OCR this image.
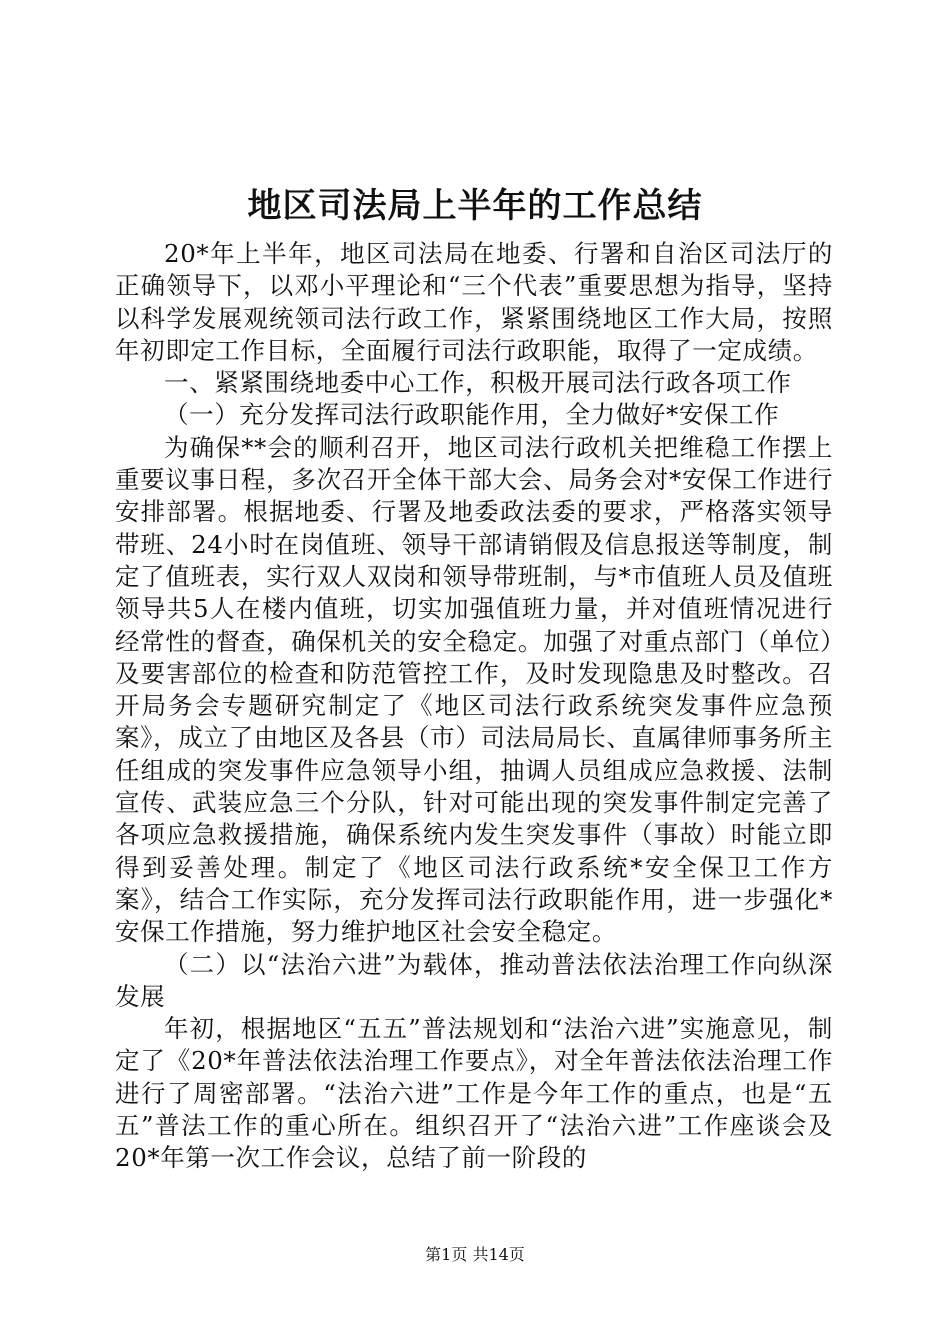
地区司法局上半年的工作总结

20*年上半年，地区司法局在地委、行署和自治区司法厅的正确领导下，以邓小平理论和“三个代表”重要思想为指导，坚持以科学发展观统领司法行政工作，紧紧围绕地区工作大局，按照年初即定工作目标，全面履行司法行政职能，取得了一定成绩。

一、紧紧围绕地委中心工作，积极开展司法行政各项工作

（一）充分发挥司法行政职能作用，全力做好*安保工作

为确保**会的顺利召开，地区司法行政机关把维稳工作摆上重要议事日程，多次召开全体干部大会、局务会对*安保工作进行安排部署。根据地委、行署及地委政法委的要求，严格落实领导带班、24小时在岗值班、领导干部请销假及信息报送等制度，制定了值班表，实行双人双岗和领导带班制，与*市值班人员及值班领导共5人在楼内值班，切实加强值班力量，并对值班情况进行经常性的督查，确保机关的安全稳定。加强了对重点部门（单位）及要害部位的检查和防范管控工作，及时发现隐患及时整改。召开局务会专题研究制定了《地区司法行政系统突发事件应急预案》，成立了由地区及各县（市）司法局局长、直属律师事务所主任组成的突发事件应急领导小组，抽调人员组成应急救援、法制宣传、武装应急三个分队，针对可能出现的突发事件制定完善了各项应急救援措施，确保系统内发生突发事件（事故）时能立即得到妥善处理。制定了《地区司法行政系统*安全保卫工作方案》，结合工作实际，充分发挥司法行政职能作用，进一步强化*安保工作措施，努力维护地区社会安全稳定。

（二）以“法治六进”为载体，推动普法依法治理工作向纵深发展

年初，根据地区“五五”普法规划和“法治六进”实施意见，制定了《20*年普法依法治理工作要点》，对全年普法依法治理工作进行了周密部署。“法治六进”工作是今年工作的重点，也是“五五”普法工作的重心所在。组织召开了“法治六进”工作座谈会及20*年第一次工作会议，总结了前一阶段的

第1页 共14页
